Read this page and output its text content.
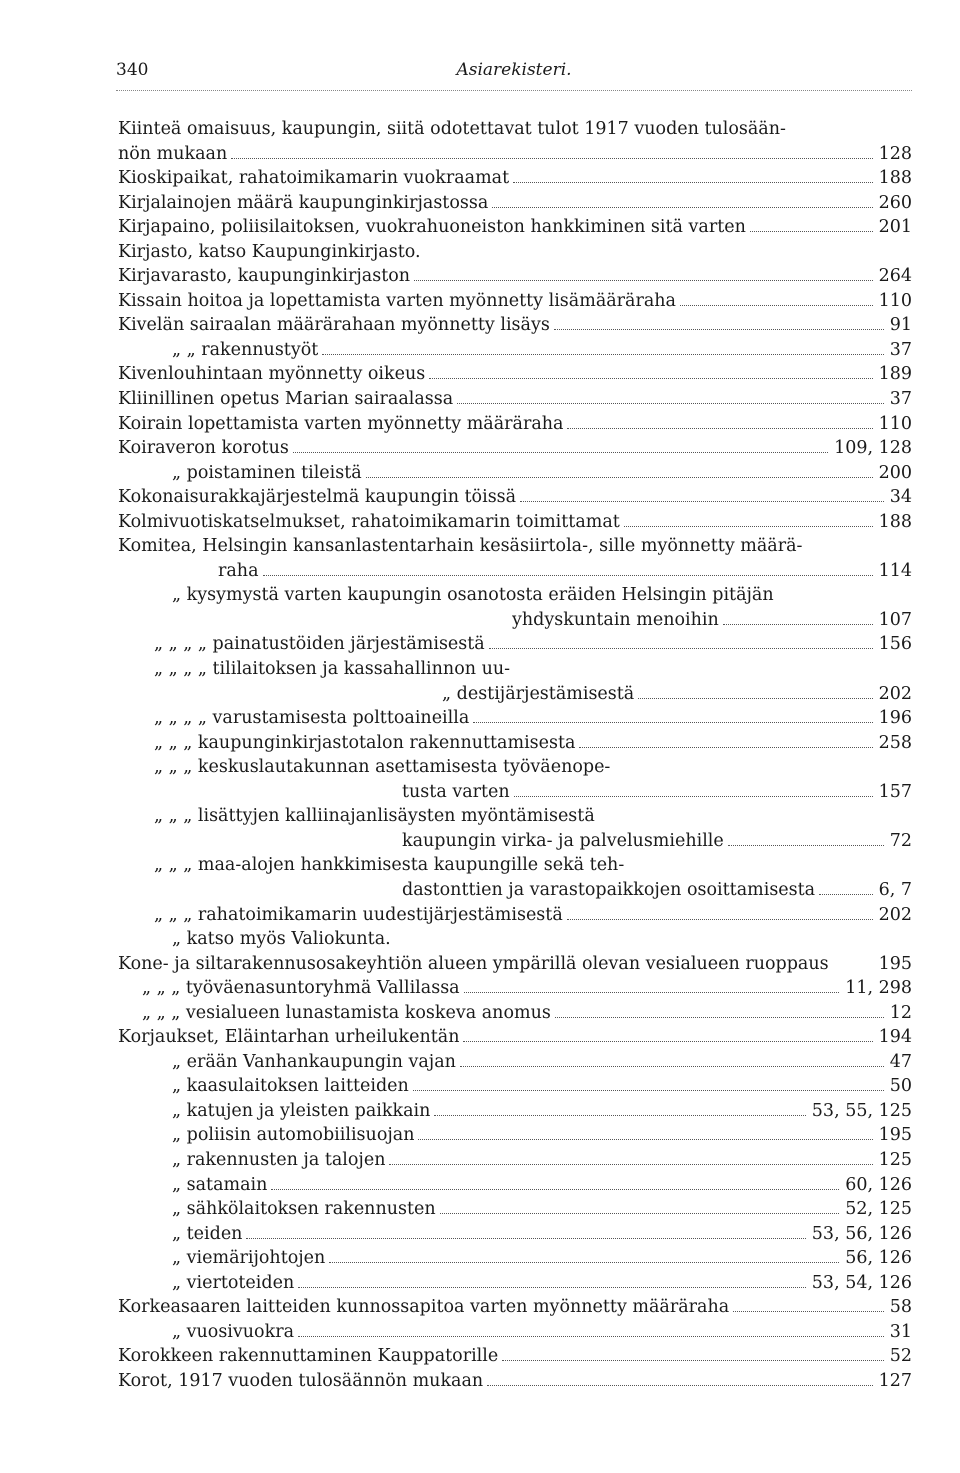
340	Asiarekisteri.
Kiinteä omaisuus, kaupungin, siitä odotettavat tulot 1917 vuoden tulosään-
nön mukaan	128
Kioskipaikat, rahatoimikamarin vuokraamat	188
Kirjalainojen määrä kaupunginkirjastossa	260
Kirjapaino, poliisilaitoksen, vuokrahuoneiston hankkiminen sitä varten	201
Kirjasto, katso Kaupunginkirjasto.
Kirjavarasto, kaupunginkirjaston	264
Kissain hoitoa ja lopettamista varten myönnetty lisämääräraha	110
Kivelän sairaalan määrärahaan myönnetty lisäys	91
„ „ rakennustyöt	37
Kivenlouhintaan myönnetty oikeus	189
Kliinillinen opetus Marian sairaalassa	37
Koirain lopettamista varten myönnetty määräraha	110
Koiraveron korotus	109, 128
„ poistaminen tileistä	200
Kokonaisurakkajärjestelmä kaupungin töissä	34
Kolmivuotiskatselmukset, rahatoimikamarin toimittamat	188
Komitea, Helsingin kansanlastentarhain kesäsiirtola-, sille myönnetty määrä-
raha	114
„ kysymystä varten kaupungin osanotosta eräiden Helsingin pitäjän
yhdyskuntain menoihin	107
„ „ „ „ painatustöiden järjestämisestä	156
„ „ „ „ tililaitoksen ja kassahallinnon uu-
„ destijärjestämisestä	202
„ „ „ „ varustamisesta polttoaineilla	196
„ „ „ kaupunginkirjastotalon rakennuttamisesta	258
„ „ „ keskuslautakunnan asettamisesta työväenope-
tusta varten	157
„ „ „ lisättyjen kalliinajanlisäysten myöntämisestä
kaupungin virka- ja palvelusmiehille	72
„ „ „ maa-alojen hankkimisesta kaupungille sekä teh-
dastonttien ja varastopaikkojen osoittamisesta	6, 7
„ „ „ rahatoimikamarin uudestijärjestämisestä	202
„ katso myös Valiokunta.
Kone- ja siltarakennusosakeyhtiön alueen ympärillä olevan vesialueen ruoppaus	195
„ „ „ työväenasuntoryhmä Vallilassa	11, 298
„ „ „ vesialueen lunastamista koskeva anomus	12
Korjaukset, Eläintarhan urheilukentän	194
„ erään Vanhankaupungin vajan	47
„ kaasulaitoksen laitteiden	50
„ katujen ja yleisten paikkain	53, 55, 125
„ poliisin automobiilisuojan	195
„ rakennusten ja talojen	125
„ satamain	60, 126
„ sähkölaitoksen rakennusten	52, 125
„ teiden	53, 56, 126
„ viemärijohtojen	56, 126
„ viertoteiden	53, 54, 126
Korkeasaaren laitteiden kunnossapitoa varten myönnetty määräraha	58
„ vuosivuokra	31
Korokkeen rakennuttaminen Kauppatorille	52
Korot, 1917 vuoden tulosäännön mukaan	127
